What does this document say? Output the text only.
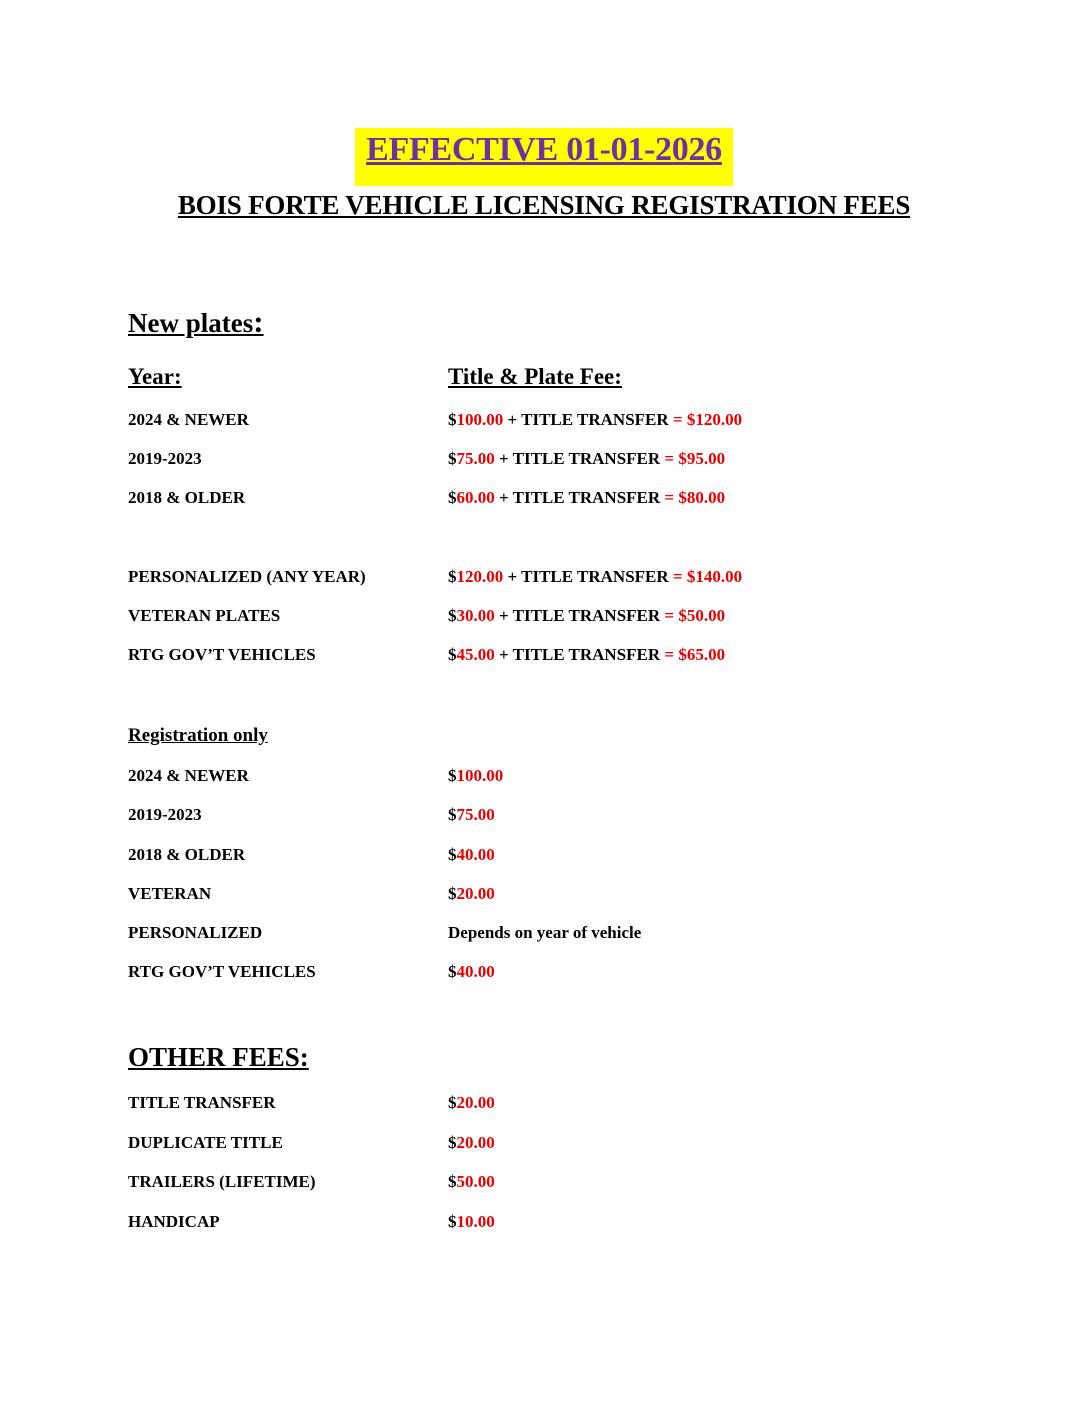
EFFECTIVE 01-01-2026
BOIS FORTE VEHICLE LICENSING REGISTRATION FEES
New plates:
Year:	Title & Plate Fee:
2024 & NEWER	$100.00 + TITLE TRANSFER = $120.00
2019-2023	$75.00 + TITLE TRANSFER = $95.00
2018 & OLDER	$60.00 + TITLE TRANSFER = $80.00
PERSONALIZED (ANY YEAR)	$120.00 + TITLE TRANSFER = $140.00
VETERAN PLATES	$30.00 + TITLE TRANSFER = $50.00
RTG GOV’T VEHICLES	$45.00 + TITLE TRANSFER = $65.00
Registration only
2024 & NEWER	$100.00
2019-2023	$75.00
2018 & OLDER	$40.00
VETERAN	$20.00
PERSONALIZED	Depends on year of vehicle
RTG GOV’T VEHICLES	$40.00
OTHER FEES:
TITLE TRANSFER	$20.00
DUPLICATE TITLE	$20.00
TRAILERS (LIFETIME)	$50.00
HANDICAP	$10.00
